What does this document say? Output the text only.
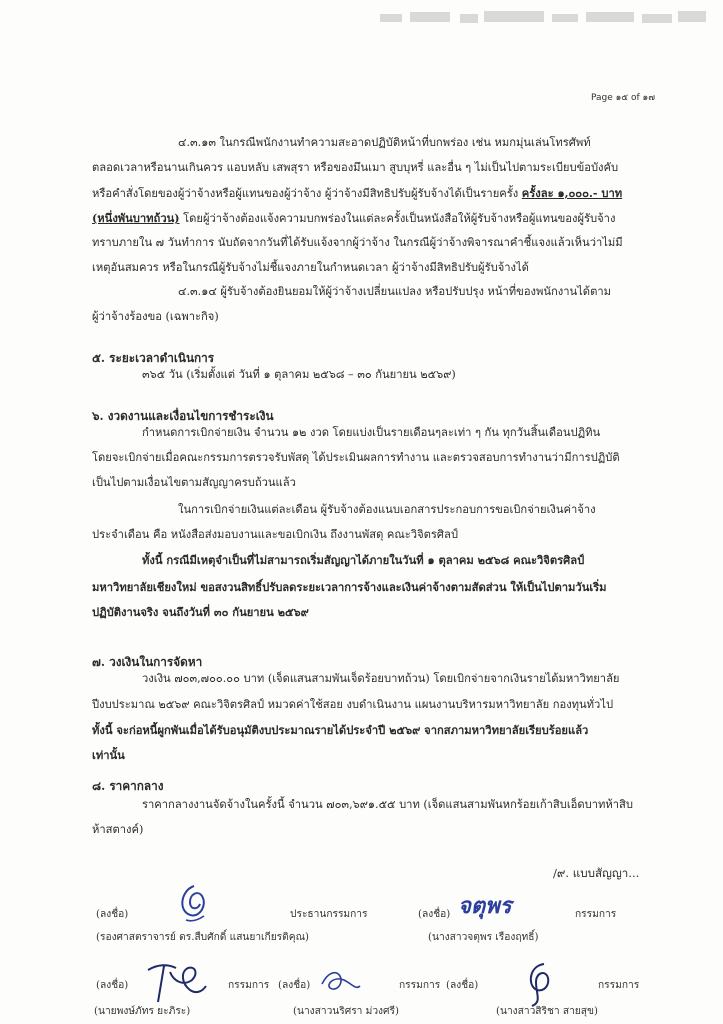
Page ๑๕ of ๑๗
๔.๓.๑๓ ในกรณีพนักงานทำความสะอาดปฏิบัติหน้าที่บกพร่อง เช่น หมกมุ่นเล่นโทรศัพท์
ตลอดเวลาหรือนานเกินควร แอบหลับ เสพสุรา หรือของมึนเมา สูบบุหรี่ และอื่น ๆ ไม่เป็นไปตามระเบียบข้อบังคับ
หรือคำสั่งโดยของผู้ว่าจ้างหรือผู้แทนของผู้ว่าจ้าง ผู้ว่าจ้างมีสิทธิปรับผู้รับจ้างได้เป็นรายครั้ง ครั้งละ ๑,๐๐๐.- บาท
(หนึ่งพันบาทถ้วน) โดยผู้ว่าจ้างต้องแจ้งความบกพร่องในแต่ละครั้งเป็นหนังสือให้ผู้รับจ้างหรือผู้แทนของผู้รับจ้าง
ทราบภายใน ๗ วันทำการ นับถัดจากวันที่ได้รับแจ้งจากผู้ว่าจ้าง ในกรณีผู้ว่าจ้างพิจารณาคำชี้แจงแล้วเห็นว่าไม่มี
เหตุอันสมควร หรือในกรณีผู้รับจ้างไม่ชี้แจงภายในกำหนดเวลา ผู้ว่าจ้างมีสิทธิปรับผู้รับจ้างได้
๔.๓.๑๔ ผู้รับจ้างต้องยินยอมให้ผู้ว่าจ้างเปลี่ยนแปลง หรือปรับปรุง หน้าที่ของพนักงานได้ตาม
ผู้ว่าจ้างร้องขอ (เฉพาะกิจ)
๕. ระยะเวลาดำเนินการ
๓๖๕ วัน (เริ่มตั้งแต่ วันที่ ๑ ตุลาคม ๒๕๖๘ – ๓๐ กันยายน ๒๕๖๙)
๖. งวดงานและเงื่อนไขการชำระเงิน
กำหนดการเบิกจ่ายเงิน จำนวน ๑๒ งวด โดยแบ่งเป็นรายเดือนๆละเท่า ๆ กัน ทุกวันสิ้นเดือนปฏิทิน
โดยจะเบิกจ่ายเมื่อคณะกรรมการตรวจรับพัสดุ ได้ประเมินผลการทำงาน และตรวจสอบการทำงานว่ามีการปฏิบัติ
เป็นไปตามเงื่อนไขตามสัญญาครบถ้วนแล้ว
ในการเบิกจ่ายเงินแต่ละเดือน ผู้รับจ้างต้องแนบเอกสารประกอบการขอเบิกจ่ายเงินค่าจ้าง
ประจำเดือน คือ หนังสือส่งมอบงานและขอเบิกเงิน ถึงงานพัสดุ คณะวิจิตรศิลป์
ทั้งนี้ กรณีมีเหตุจำเป็นที่ไม่สามารถเริ่มสัญญาได้ภายในวันที่ ๑ ตุลาคม ๒๕๖๘ คณะวิจิตรศิลป์
มหาวิทยาลัยเชียงใหม่ ขอสงวนสิทธิ์ปรับลดระยะเวลาการจ้างและเงินค่าจ้างตามสัดส่วน ให้เป็นไปตามวันเริ่ม
ปฏิบัติงานจริง จนถึงวันที่ ๓๐ กันยายน ๒๕๖๙
๗. วงเงินในการจัดหา
วงเงิน ๗๐๓,๗๐๐.๐๐ บาท (เจ็ดแสนสามพันเจ็ดร้อยบาทถ้วน) โดยเบิกจ่ายจากเงินรายได้มหาวิทยาลัย
ปีงบประมาณ ๒๕๖๙ คณะวิจิตรศิลป์ หมวดค่าใช้สอย งบดำเนินงาน แผนงานบริหารมหาวิทยาลัย กองทุนทั่วไป
ทั้งนี้ จะก่อหนี้ผูกพันเมื่อได้รับอนุมัติงบประมาณรายได้ประจำปี ๒๕๖๙ จากสภามหาวิทยาลัยเรียบร้อยแล้ว
เท่านั้น
๘. ราคากลาง
ราคากลางงานจัดจ้างในครั้งนี้ จำนวน ๗๐๓,๖๙๑.๕๕ บาท (เจ็ดแสนสามพันหกร้อยเก้าสิบเอ็ดบาทห้าสิบ
ห้าสตางค์)
/๙. แบบสัญญา...
(ลงชื่อ)	ประธานกรรมการ
(รองศาสตราจารย์ ดร.สืบศักดิ์ แสนยาเกียรติคุณ)
(ลงชื่อ) จตุพร	กรรมการ
(นางสาวจตุพร เรืองฤทธิ์)
(ลงชื่อ)	กรรมการ
(นายพงษ์ภัทร ยะภิระ)
(ลงชื่อ)	กรรมการ
(นางสาวนริศรา ม่วงศรี)
(ลงชื่อ)	กรรมการ
(นางสาวสิริชา สายสุข)
